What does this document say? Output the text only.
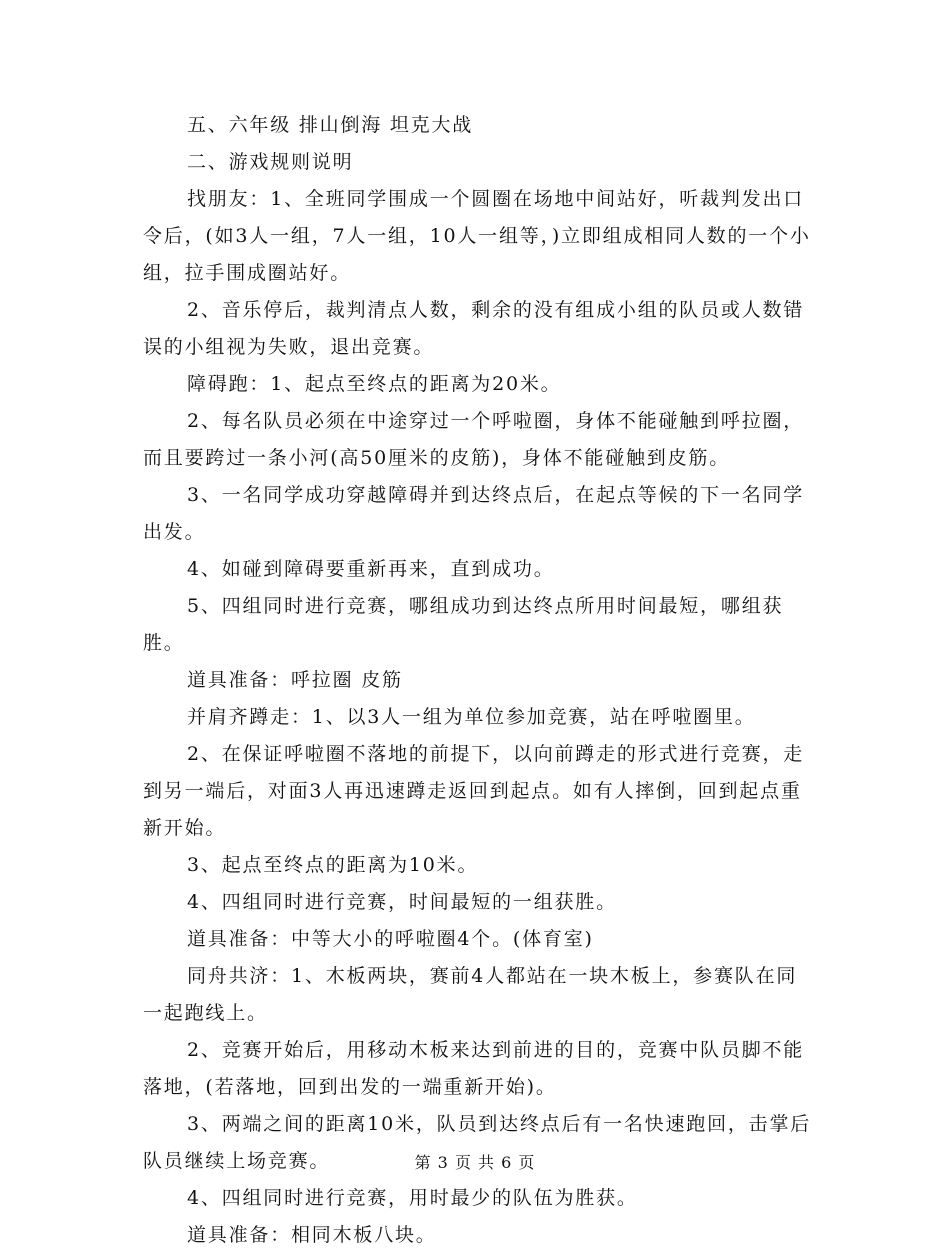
五、六年级 排山倒海 坦克大战

二、游戏规则说明

找朋友：1、全班同学围成一个圆圈在场地中间站好，听裁判发出口令后，(如3人一组，7人一组，10人一组等，)立即组成相同人数的一个小组，拉手围成圈站好。

2、音乐停后，裁判清点人数，剩余的没有组成小组的队员或人数错误的小组视为失败，退出竞赛。

障碍跑：1、起点至终点的距离为20米。

2、每名队员必须在中途穿过一个呼啦圈，身体不能碰触到呼拉圈，而且要跨过一条小河(高50厘米的皮筋)，身体不能碰触到皮筋。

3、一名同学成功穿越障碍并到达终点后，在起点等候的下一名同学出发。

4、如碰到障碍要重新再来，直到成功。

5、四组同时进行竞赛，哪组成功到达终点所用时间最短，哪组获胜。

道具准备：呼拉圈 皮筋

并肩齐蹲走：1、以3人一组为单位参加竞赛，站在呼啦圈里。

2、在保证呼啦圈不落地的前提下，以向前蹲走的形式进行竞赛，走到另一端后，对面3人再迅速蹲走返回到起点。如有人摔倒，回到起点重新开始。

3、起点至终点的距离为10米。

4、四组同时进行竞赛，时间最短的一组获胜。

道具准备：中等大小的呼啦圈4个。(体育室)

同舟共济：1、木板两块，赛前4人都站在一块木板上，参赛队在同一起跑线上。

2、竞赛开始后，用移动木板来达到前进的目的，竞赛中队员脚不能落地，(若落地，回到出发的一端重新开始)。

3、两端之间的距离10米，队员到达终点后有一名快速跑回，击掌后队员继续上场竞赛。

4、四组同时进行竞赛，用时最少的队伍为胜获。

道具准备：相同木板八块。

第 3 页 共 6 页
